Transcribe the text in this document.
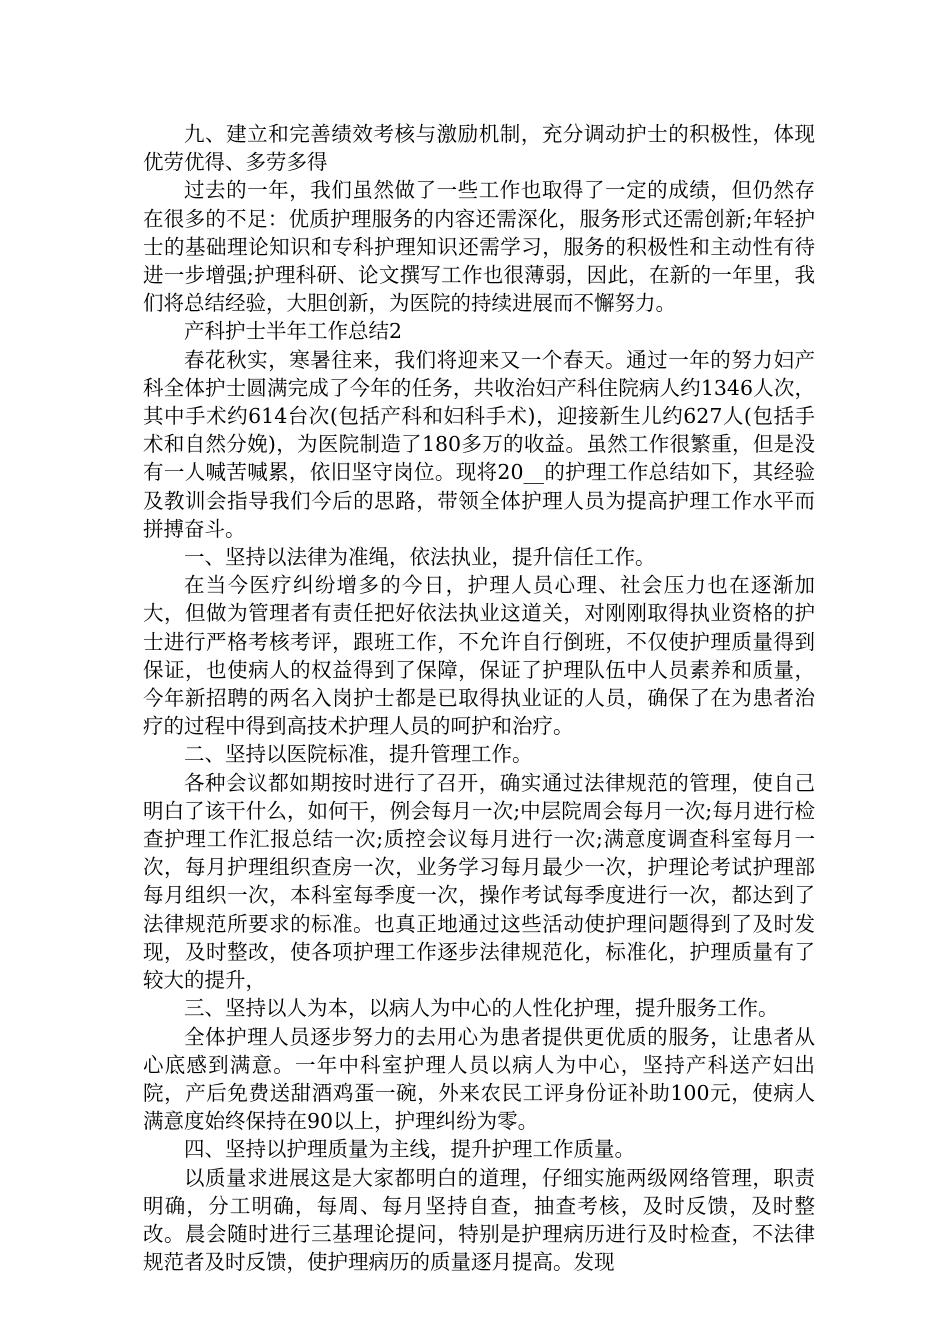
九、建立和完善绩效考核与激励机制，充分调动护士的积极性，体现优劳优得、多劳多得

过去的一年，我们虽然做了一些工作也取得了一定的成绩，但仍然存在很多的不足：优质护理服务的内容还需深化，服务形式还需创新;年轻护士的基础理论知识和专科护理知识还需学习，服务的积极性和主动性有待进一步增强;护理科研、论文撰写工作也很薄弱，因此，在新的一年里，我们将总结经验，大胆创新，为医院的持续进展而不懈努力。

产科护士半年工作总结2

春花秋实，寒暑往来，我们将迎来又一个春天。通过一年的努力妇产科全体护士圆满完成了今年的任务，共收治妇产科住院病人约1346人次，其中手术约614台次(包括产科和妇科手术)，迎接新生儿约627人(包括手术和自然分娩)，为医院制造了180多万的收益。虽然工作很繁重，但是没有一人喊苦喊累，依旧坚守岗位。现将20__的护理工作总结如下，其经验及教训会指导我们今后的思路，带领全体护理人员为提高护理工作水平而拼搏奋斗。

一、坚持以法律为准绳，依法执业，提升信任工作。

在当今医疗纠纷增多的今日，护理人员心理、社会压力也在逐渐加大，但做为管理者有责任把好依法执业这道关，对刚刚取得执业资格的护士进行严格考核考评，跟班工作，不允许自行倒班，不仅使护理质量得到保证，也使病人的权益得到了保障，保证了护理队伍中人员素养和质量，今年新招聘的两名入岗护士都是已取得执业证的人员，确保了在为患者治疗的过程中得到高技术护理人员的呵护和治疗。

二、坚持以医院标准，提升管理工作。

各种会议都如期按时进行了召开，确实通过法律规范的管理，使自己明白了该干什么，如何干，例会每月一次;中层院周会每月一次;每月进行检查护理工作汇报总结一次;质控会议每月进行一次;满意度调查科室每月一次，每月护理组织查房一次，业务学习每月最少一次，护理论考试护理部每月组织一次，本科室每季度一次，操作考试每季度进行一次，都达到了法律规范所要求的标准。也真正地通过这些活动使护理问题得到了及时发现，及时整改，使各项护理工作逐步法律规范化，标准化，护理质量有了较大的提升，

三、坚持以人为本，以病人为中心的人性化护理，提升服务工作。

全体护理人员逐步努力的去用心为患者提供更优质的服务，让患者从心底感到满意。一年中科室护理人员以病人为中心，坚持产科送产妇出院，产后免费送甜酒鸡蛋一碗，外来农民工评身份证补助100元，使病人满意度始终保持在90以上，护理纠纷为零。

四、坚持以护理质量为主线，提升护理工作质量。

以质量求进展这是大家都明白的道理，仔细实施两级网络管理，职责明确，分工明确，每周、每月坚持自查，抽查考核，及时反馈，及时整改。晨会随时进行三基理论提问，特别是护理病历进行及时检查，不法律规范者及时反馈，使护理病历的质量逐月提高。发现
